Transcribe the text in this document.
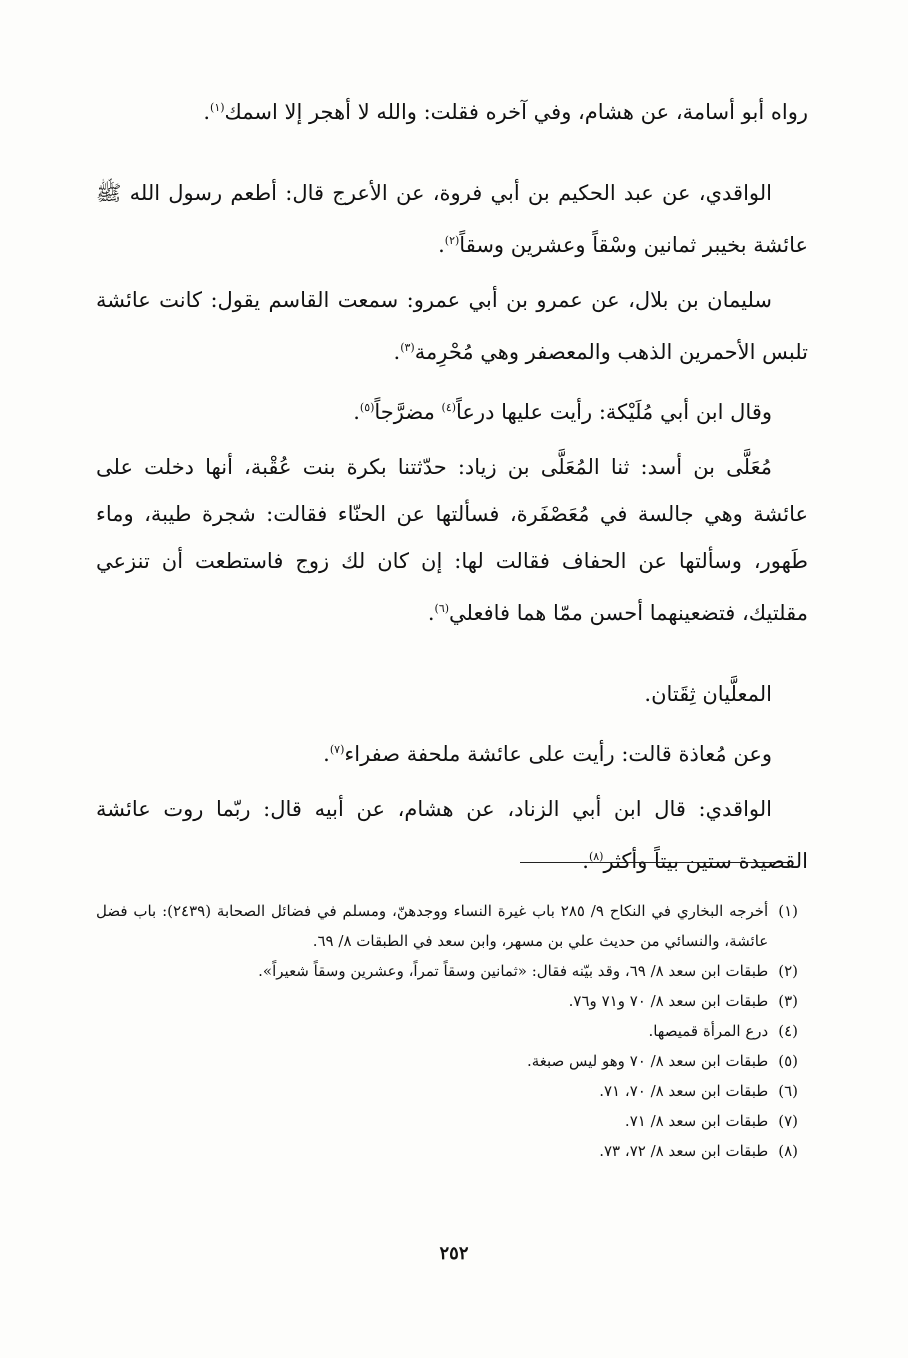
رواه أبو أسامة، عن هشام، وفي آخره فقلت: والله لا أهجر إلا اسمك$^{(١)}$.

الواقدي، عن عبد الحكيم بن أبي فروة، عن الأعرج قال: أطعم رسول الله ﷺ عائشة بخيبر ثمانين وسْقاً وعشرين وسقاً$^{(٢)}$.

سليمان بن بلال، عن عمرو بن أبي عمرو: سمعت القاسم يقول: كانت عائشة تلبس الأحمرين الذهب والمعصفر وهي مُحْرِمة$^{(٣)}$.

وقال ابن أبي مُلَيْكة: رأيت عليها درعاً$^{(٤)}$ مضرَّجاً$^{(٥)}$.

مُعَلَّى بن أسد: ثنا المُعَلَّى بن زياد: حدّثتنا بكرة بنت عُقْبة، أنها دخلت على عائشة وهي جالسة في مُعَصْفَرة، فسألتها عن الحنّاء فقالت: شجرة طيبة، وماء طَهور، وسألتها عن الحفاف فقالت لها: إن كان لك زوج فاستطعت أن تنزعي مقلتيك، فتضعينهما أحسن ممّا هما فافعلي$^{(٦)}$.

المعلَّيان ثِقَتان.

وعن مُعاذة قالت: رأيت على عائشة ملحفة صفراء$^{(٧)}$.

الواقدي: قال ابن أبي الزناد، عن هشام، عن أبيه قال: ربّما روت عائشة القصيدة ستين بيتاً وأكثر$^{(٨)}$.

(١)
أخرجه البخاري في النكاح ٩/ ٢٨٥ باب غيرة النساء ووجدهنّ، ومسلم في فضائل الصحابة (٢٤٣٩): باب فضل عائشة، والنسائي من حديث علي بن مسهر، وابن سعد في الطبقات ٨/ ٦٩.
(٢)
طبقات ابن سعد ٨/ ٦٩، وقد بيّنه فقال: «ثمانين وسقاً تمراً، وعشرين وسقاً شعيراً».
(٣)
طبقات ابن سعد ٨/ ٧٠ و٧١ و٧٦.
(٤)
درع المرأة قميصها.
(٥)
طبقات ابن سعد ٨/ ٧٠ وهو ليس صبغة.
(٦)
طبقات ابن سعد ٨/ ٧٠، ٧١.
(٧)
طبقات ابن سعد ٨/ ٧١.
(٨)
طبقات ابن سعد ٨/ ٧٢، ٧٣.
٢٥٢
